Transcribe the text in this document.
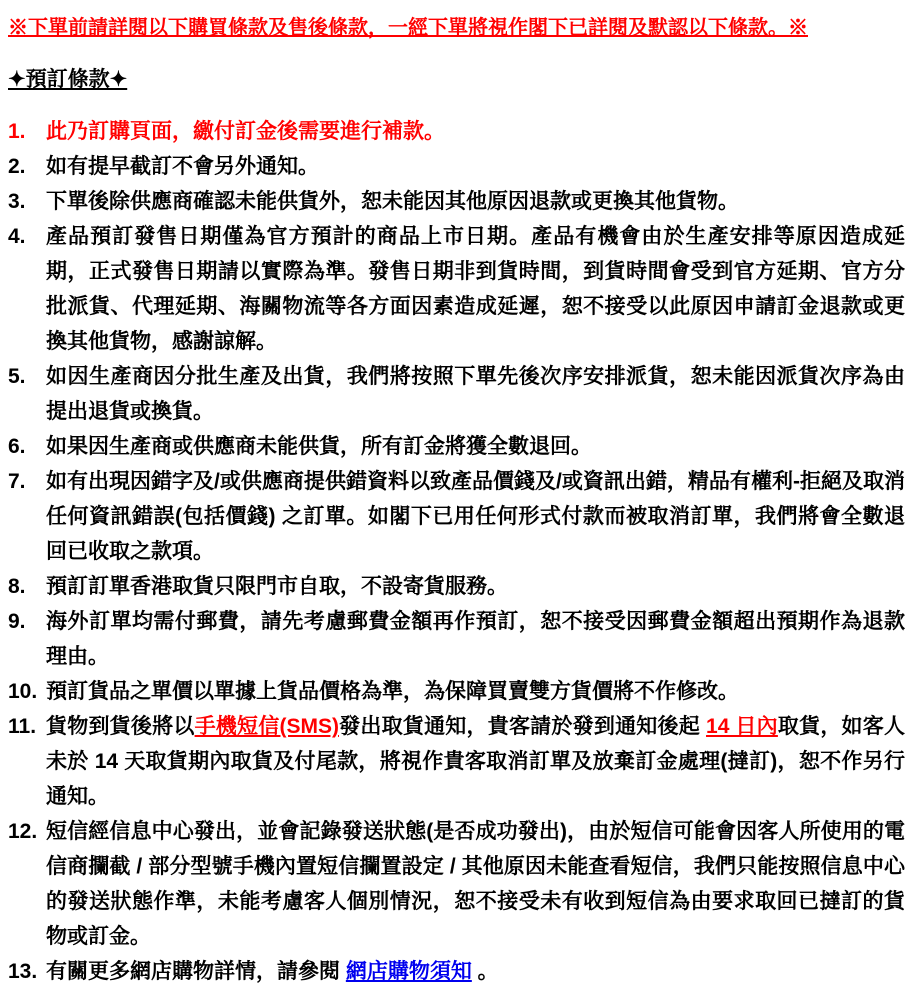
※下單前請詳閱以下購買條款及售後條款，一經下單將視作閣下已詳閱及默認以下條款。※
✦預訂條款✦
1. 此乃訂購頁面，繳付訂金後需要進行補款。
2. 如有提早截訂不會另外通知。
3. 下單後除供應商確認未能供貨外，恕未能因其他原因退款或更換其他貨物。
4. 產品預訂發售日期僅為官方預計的商品上市日期。產品有機會由於生產安排等原因造成延期，正式發售日期請以實際為準。發售日期非到貨時間，到貨時間會受到官方延期、官方分批派貨、代理延期、海關物流等各方面因素造成延遲，恕不接受以此原因申請訂金退款或更換其他貨物，感謝諒解。
5. 如因生產商因分批生產及出貨，我們將按照下單先後次序安排派貨，恕未能因派貨次序為由提出退貨或換貨。
6. 如果因生產商或供應商未能供貨，所有訂金將獲全數退回。
7. 如有出現因錯字及/或供應商提供錯資料以致產品價錢及/或資訊出錯，精品有權利-拒絕及取消任何資訊錯誤(包括價錢) 之訂單。如閣下已用任何形式付款而被取消訂單，我們將會全數退回已收取之款項。
8. 預訂訂單香港取貨只限門市自取，不設寄貨服務。
9. 海外訂單均需付郵費，請先考慮郵費金額再作預訂，恕不接受因郵費金額超出預期作為退款理由。
10. 預訂貨品之單價以單據上貨品價格為準，為保障買賣雙方貨價將不作修改。
11. 貨物到貨後將以手機短信(SMS)發出取貨通知，貴客請於發到通知後起 14 日內取貨，如客人未於 14 天取貨期內取貨及付尾款，將視作貴客取消訂單及放棄訂金處理(撻訂)，恕不作另行通知。
12. 短信經信息中心發出，並會記錄發送狀態(是否成功發出)，由於短信可能會因客人所使用的電信商攔截 / 部分型號手機內置短信攔置設定 / 其他原因未能查看短信，我們只能按照信息中心的發送狀態作準，未能考慮客人個別情況，恕不接受未有收到短信為由要求取回已撻訂的貨物或訂金。
13. 有關更多網店購物詳情，請參閱 網店購物須知 。
